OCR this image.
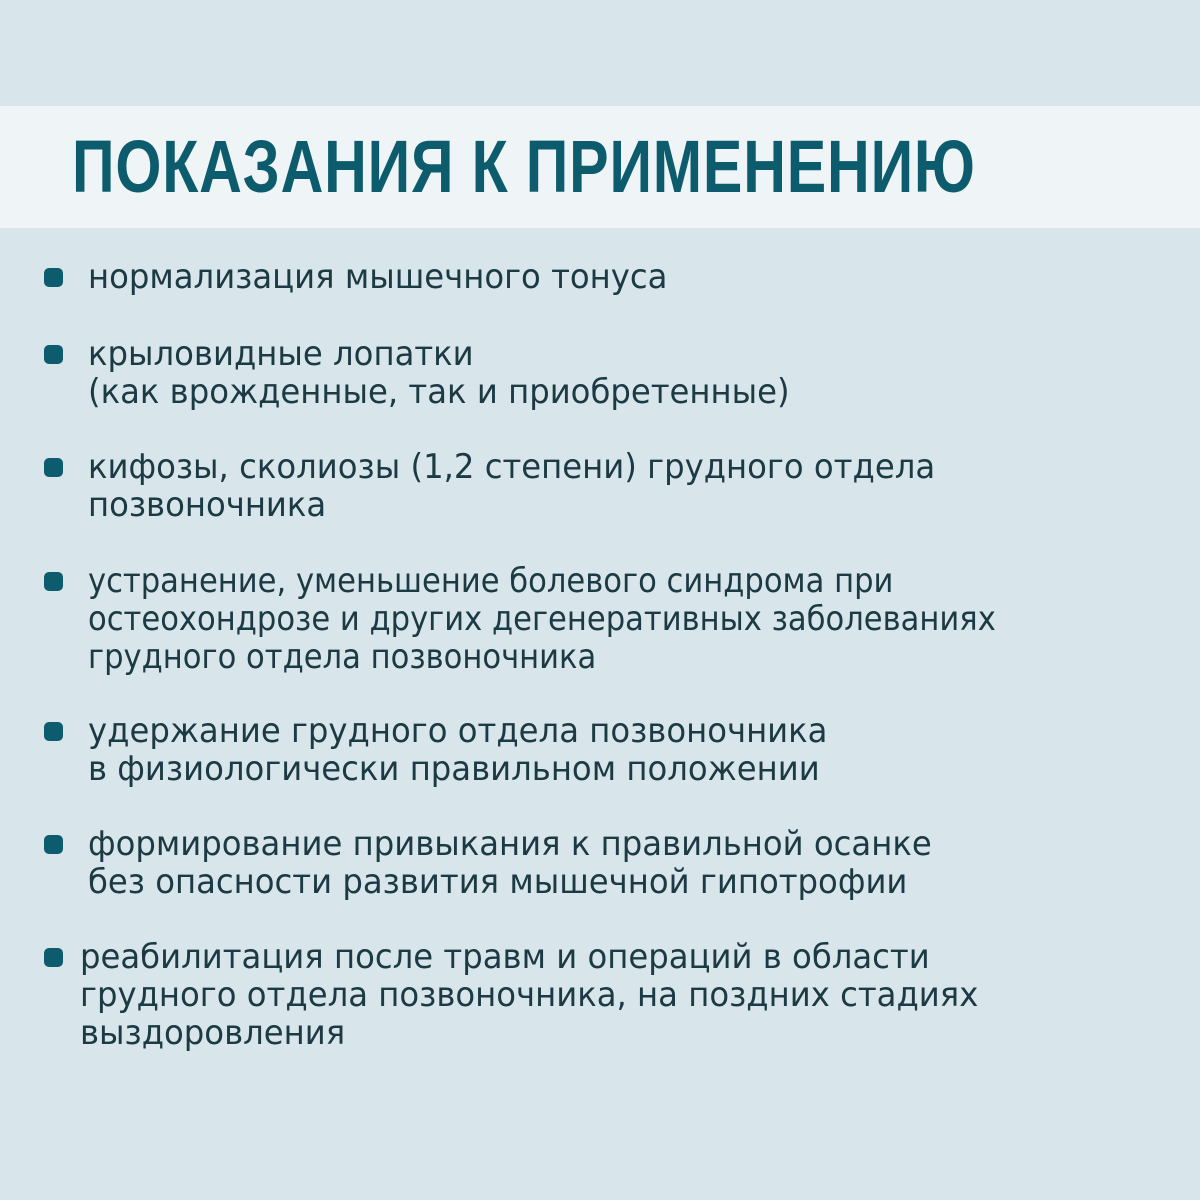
ПОКАЗАНИЯ К ПРИМЕНЕНИЮ

нормализация мышечного тонуса

крыловидные лопатки
(как врожденные, так и приобретенные)

кифозы, сколиозы (1,2 степени) грудного отдела
позвоночника

устранение, уменьшение болевого синдрома при
остеохондрозе и других дегенеративных заболеваниях
грудного отдела позвоночника

удержание грудного отдела позвоночника
в физиологически правильном положении

формирование привыкания к правильной осанке
без опасности развития мышечной гипотрофии

реабилитация после травм и операций в области
грудного отдела позвоночника, на поздних стадиях
выздоровления
